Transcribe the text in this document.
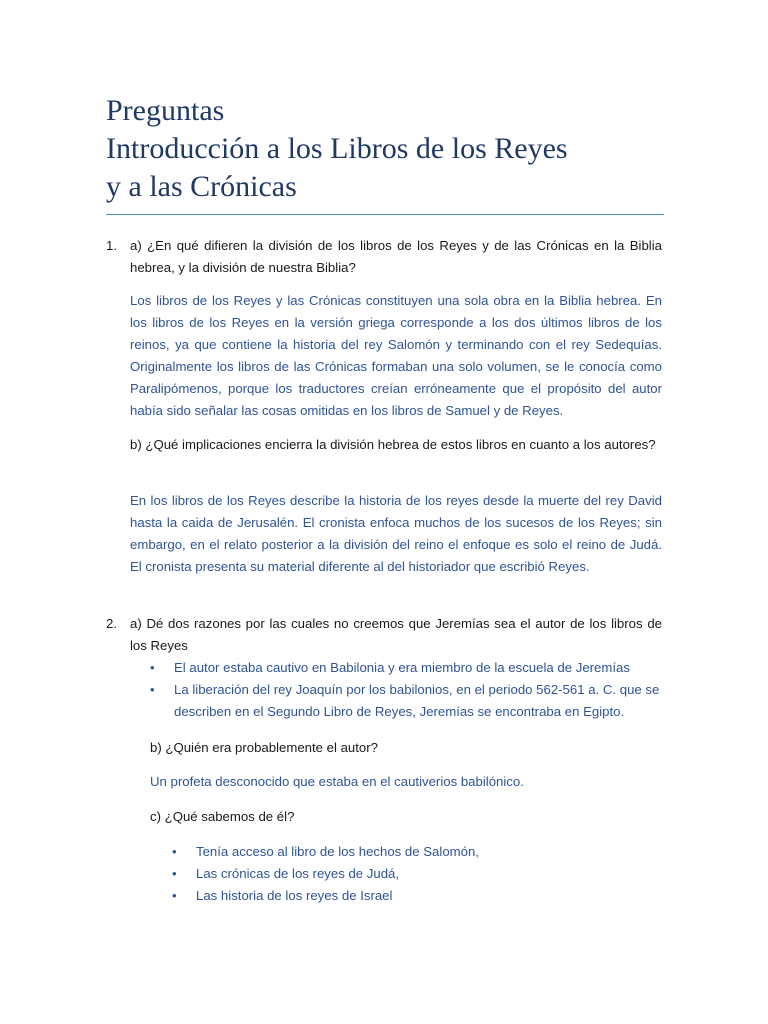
Preguntas
Introducción a los Libros de los Reyes
y a las Crónicas
1. a) ¿En qué difieren la división de los libros de los Reyes y de las Crónicas en la Biblia hebrea, y la división de nuestra Biblia?
Los libros de los Reyes y las Crónicas constituyen una sola obra en la Biblia hebrea. En los libros de los Reyes en la versión griega corresponde a los dos últimos libros de los reinos, ya que contiene la historia del rey Salomón y terminando con el rey Sedequías. Originalmente los libros de las Crónicas formaban una solo volumen, se le conocía como Paralipómenos, porque los traductores creían erróneamente que el propósito del autor había sido señalar las cosas omitidas en los libros de Samuel y de Reyes.
b) ¿Qué implicaciones encierra la división hebrea de estos libros en cuanto a los autores?
En los libros de los Reyes describe la historia de los reyes desde la muerte del rey David hasta la caida de Jerusalén. El cronista enfoca muchos de los sucesos de los Reyes; sin embargo, en el relato posterior a la división del reino el enfoque es solo el reino de Judá. El cronista presenta su material diferente al del historiador que escribió Reyes.
2. a) Dé dos razones por las cuales no creemos que Jeremías sea el autor de los libros de los Reyes
• El autor estaba cautivo en Babilonia y era miembro de la escuela de Jeremías
• La liberación del rey Joaquín por los babilonios, en el periodo 562-561 a. C. que se describen en el Segundo Libro de Reyes, Jeremías se encontraba en Egipto.
b) ¿Quién era probablemente el autor?
Un profeta desconocido que estaba en el cautiverios babilónico.
c) ¿Qué sabemos de él?
• Tenía acceso al libro de los hechos de Salomón,
• Las crónicas de los reyes de Judá,
• Las historia de los reyes de Israel
